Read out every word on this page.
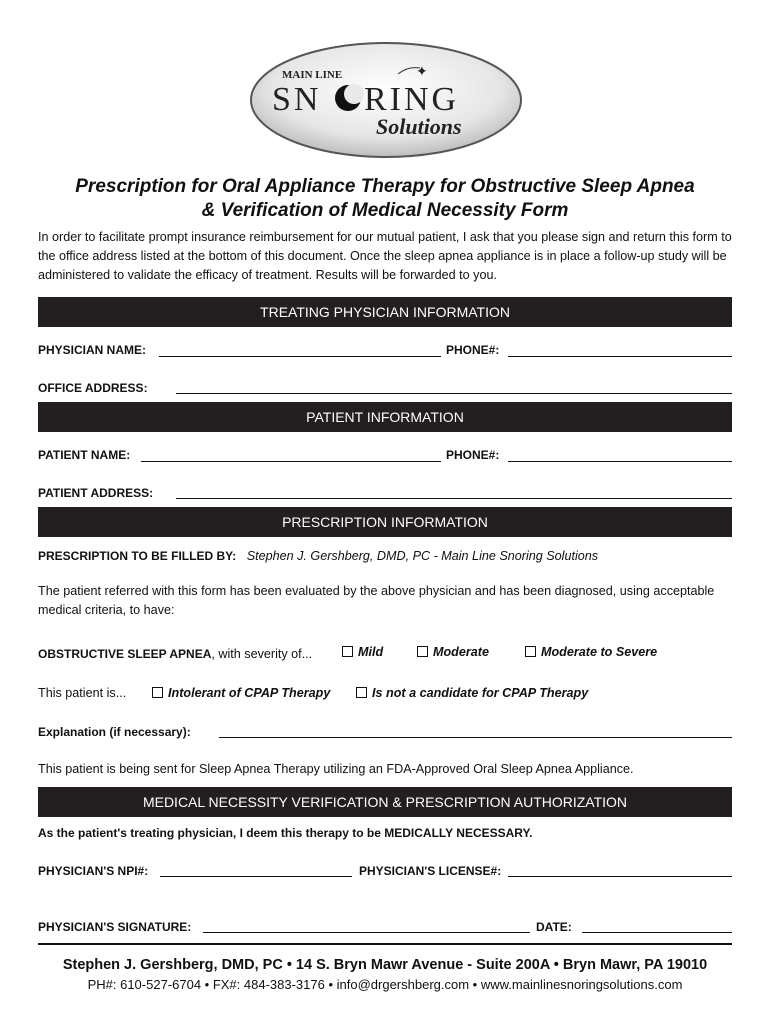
MAIN LINE
SN RING
Solutions
✦
Prescription for Oral Appliance Therapy for Obstructive Sleep Apnea
& Verification of Medical Necessity Form
In order to facilitate prompt insurance reimbursement for our mutual patient, I ask that you please sign and return this form to the office address listed at the bottom of this document. Once the sleep apnea appliance is in place a follow-up study will be administered to validate the efficacy of treatment. Results will be forwarded to you.
TREATING PHYSICIAN INFORMATION
PHYSICIAN NAME:	PHONE#:
OFFICE ADDRESS:
PATIENT INFORMATION
PATIENT NAME:	PHONE#:
PATIENT ADDRESS:
PRESCRIPTION INFORMATION
PRESCRIPTION TO BE FILLED BY: Stephen J. Gershberg, DMD, PC - Main Line Snoring Solutions
The patient referred with this form has been evaluated by the above physician and has been diagnosed, using acceptable medical criteria, to have:
OBSTRUCTIVE SLEEP APNEA, with severity of...	Mild	Moderate	Moderate to Severe
This patient is...	Intolerant of CPAP Therapy	Is not a candidate for CPAP Therapy
Explanation (if necessary):
This patient is being sent for Sleep Apnea Therapy utilizing an FDA-Approved Oral Sleep Apnea Appliance.
MEDICAL NECESSITY VERIFICATION & PRESCRIPTION AUTHORIZATION
As the patient's treating physician, I deem this therapy to be MEDICALLY NECESSARY.
PHYSICIAN'S NPI#:	PHYSICIAN'S LICENSE#:
PHYSICIAN'S SIGNATURE:	DATE:
Stephen J. Gershberg, DMD, PC • 14 S. Bryn Mawr Avenue - Suite 200A • Bryn Mawr, PA 19010
PH#: 610-527-6704 • FX#: 484-383-3176 • info@drgershberg.com • www.mainlinesnoringsolutions.com
